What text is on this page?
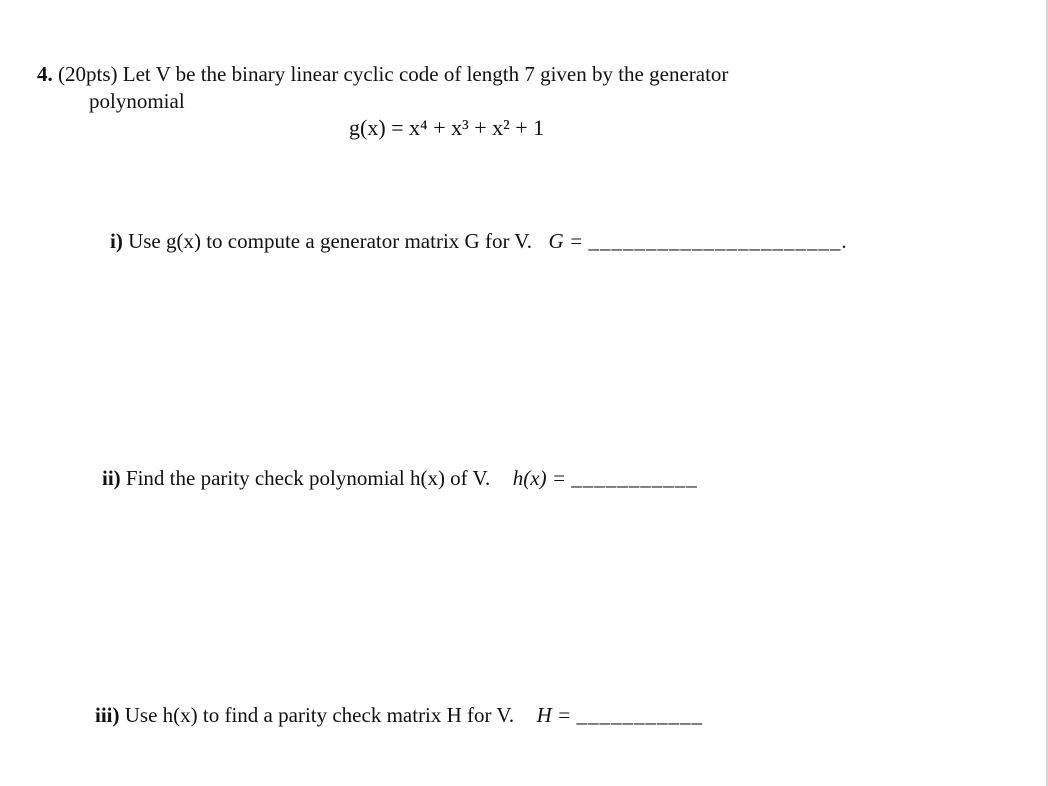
4. (20pts) Let V be the binary linear cyclic code of length 7 given by the generator
polynomial
g(x) = x⁴ + x³ + x² + 1
i) Use g(x) to compute a generator matrix G for V. G = ______________________.
ii) Find the parity check polynomial h(x) of V. h(x) = ___________
iii) Use h(x) to find a parity check matrix H for V. H = ___________
